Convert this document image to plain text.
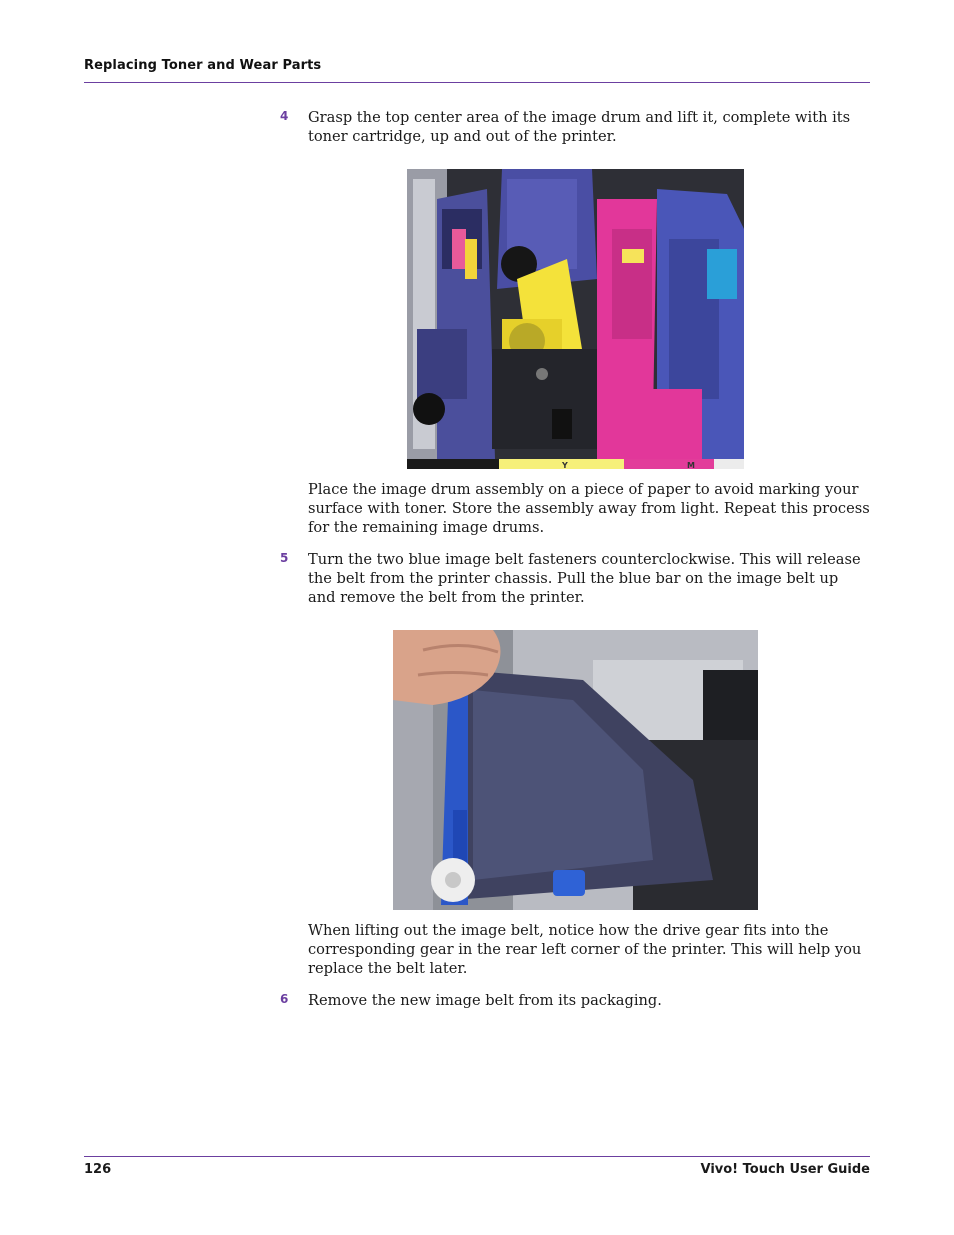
Replacing Toner and Wear Parts
4 Grasp the top center area of the image drum and lift it, complete with its toner cartridge, up and out of the printer.
Y	M
Place the image drum assembly on a piece of paper to avoid marking your surface with toner. Store the assembly away from light. Repeat this process for the remaining image drums.
5 Turn the two blue image belt fasteners counterclockwise. This will release the belt from the printer chassis. Pull the blue bar on the image belt up and remove the belt from the printer.
When lifting out the image belt, notice how the drive gear fits into the corresponding gear in the rear left corner of the printer. This will help you replace the belt later.
6 Remove the new image belt from its packaging.
126	Vivo! Touch User Guide
